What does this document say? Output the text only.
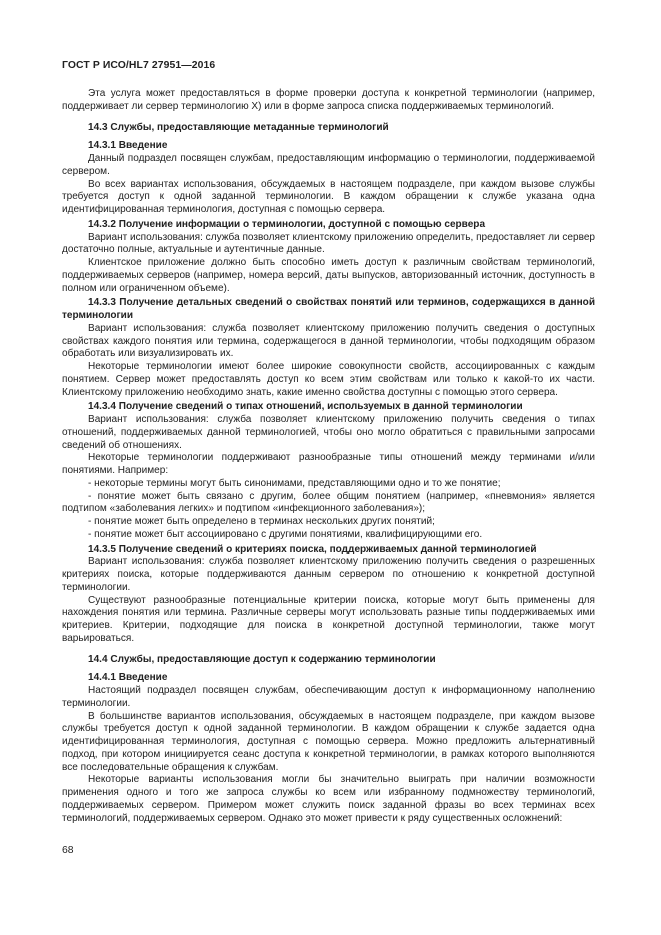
ГОСТ Р ИСО/HL7 27951—2016

Эта услуга может предоставляться в форме проверки доступа к конкретной терминологии (например, поддерживает ли сервер терминологию X) или в форме запроса списка поддерживаемых терминологий.

14.3 Службы, предоставляющие метаданные терминологий

14.3.1 Введение

Данный подраздел посвящен службам, предоставляющим информацию о терминологии, поддерживаемой сервером.

Во всех вариантах использования, обсуждаемых в настоящем подразделе, при каждом вызове службы требуется доступ к одной заданной терминологии. В каждом обращении к службе указана одна идентифицированная терминология, доступная с помощью сервера.

14.3.2 Получение информации о терминологии, доступной с помощью сервера

Вариант использования: служба позволяет клиентскому приложению определить, предоставляет ли сервер достаточно полные, актуальные и аутентичные данные.

Клиентское приложение должно быть способно иметь доступ к различным свойствам терминологий, поддерживаемых серверов (например, номера версий, даты выпусков, авторизованный источник, доступность в полном или ограниченном объеме).

14.3.3 Получение детальных сведений о свойствах понятий или терминов, содержащихся в данной терминологии

Вариант использования: служба позволяет клиентскому приложению получить сведения о доступных свойствах каждого понятия или термина, содержащегося в данной терминологии, чтобы подходящим образом обработать или визуализировать их.

Некоторые терминологии имеют более широкие совокупности свойств, ассоциированных с каждым понятием. Сервер может предоставлять доступ ко всем этим свойствам или только к какой-то их части. Клиентскому приложению необходимо знать, какие именно свойства доступны с помощью этого сервера.

14.3.4 Получение сведений о типах отношений, используемых в данной терминологии

Вариант использования: служба позволяет клиентскому приложению получить сведения о типах отношений, поддерживаемых данной терминологией, чтобы оно могло обратиться с правильными запросами сведений об отношениях.

Некоторые терминологии поддерживают разнообразные типы отношений между терминами и/или понятиями. Например:

- некоторые термины могут быть синонимами, представляющими одно и то же понятие;

- понятие может быть связано с другим, более общим понятием (например, «пневмония» является подтипом «заболевания легких» и подтипом «инфекционного заболевания»);

- понятие может быть определено в терминах нескольких других понятий;

- понятие может быт ассоциировано с другими понятиями, квалифицирующими его.

14.3.5 Получение сведений о критериях поиска, поддерживаемых данной терминологией

Вариант использования: служба позволяет клиентскому приложению получить сведения о разрешенных критериях поиска, которые поддерживаются данным сервером по отношению к конкретной доступной терминологии.

Существуют разнообразные потенциальные критерии поиска, которые могут быть применены для нахождения понятия или термина. Различные серверы могут использовать разные типы поддерживаемых ими критериев. Критерии, подходящие для поиска в конкретной доступной терминологии, также могут варьироваться.

14.4 Службы, предоставляющие доступ к содержанию терминологии

14.4.1 Введение

Настоящий подраздел посвящен службам, обеспечивающим доступ к информационному наполнению терминологии.

В большинстве вариантов использования, обсуждаемых в настоящем подразделе, при каждом вызове службы требуется доступ к одной заданной терминологии. В каждом обращении к службе задается одна идентифицированная терминология, доступная с помощью сервера. Можно предложить альтернативный подход, при котором инициируется сеанс доступа к конкретной терминологии, в рамках которого выполняются все последовательные обращения к службам.

Некоторые варианты использования могли бы значительно выиграть при наличии возможности применения одного и того же запроса службы ко всем или избранному подмножеству терминологий, поддерживаемых сервером. Примером может служить поиск заданной фразы во всех терминах всех терминологий, поддерживаемых сервером. Однако это может привести к ряду существенных осложнений:

68
